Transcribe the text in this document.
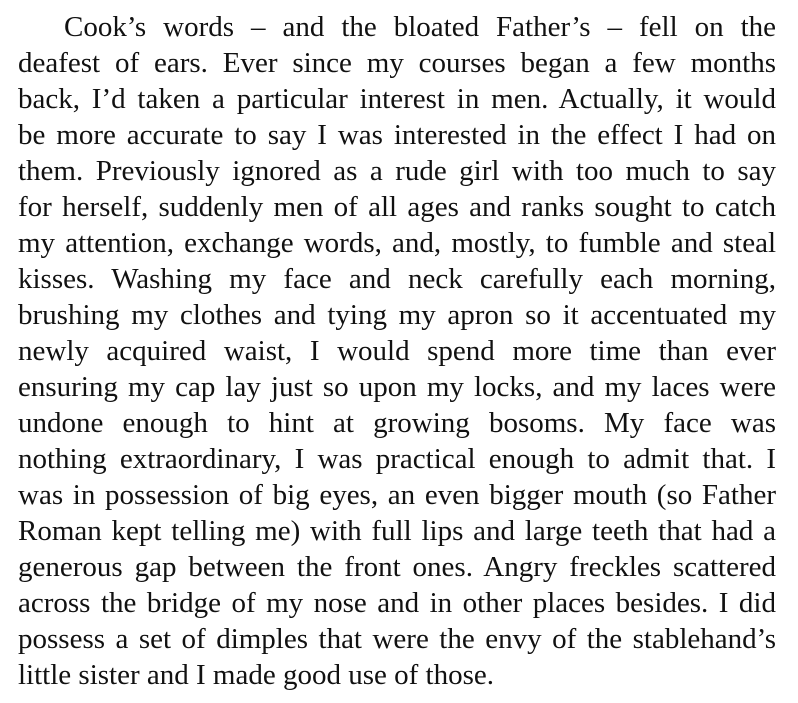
Cook’s words – and the bloated Father’s – fell on the
deafest of ears. Ever since my courses began a few months
back, I’d taken a particular interest in men. Actually, it would
be more accurate to say I was interested in the effect I had on
them. Previously ignored as a rude girl with too much to say
for herself, suddenly men of all ages and ranks sought to catch
my attention, exchange words, and, mostly, to fumble and steal
kisses. Washing my face and neck carefully each morning,
brushing my clothes and tying my apron so it accentuated my
newly acquired waist, I would spend more time than ever
ensuring my cap lay just so upon my locks, and my laces were
undone enough to hint at growing bosoms. My face was
nothing extraordinary, I was practical enough to admit that. I
was in possession of big eyes, an even bigger mouth (so Father
Roman kept telling me) with full lips and large teeth that had a
generous gap between the front ones. Angry freckles scattered
across the bridge of my nose and in other places besides. I did
possess a set of dimples that were the envy of the stablehand’s
little sister and I made good use of those.
